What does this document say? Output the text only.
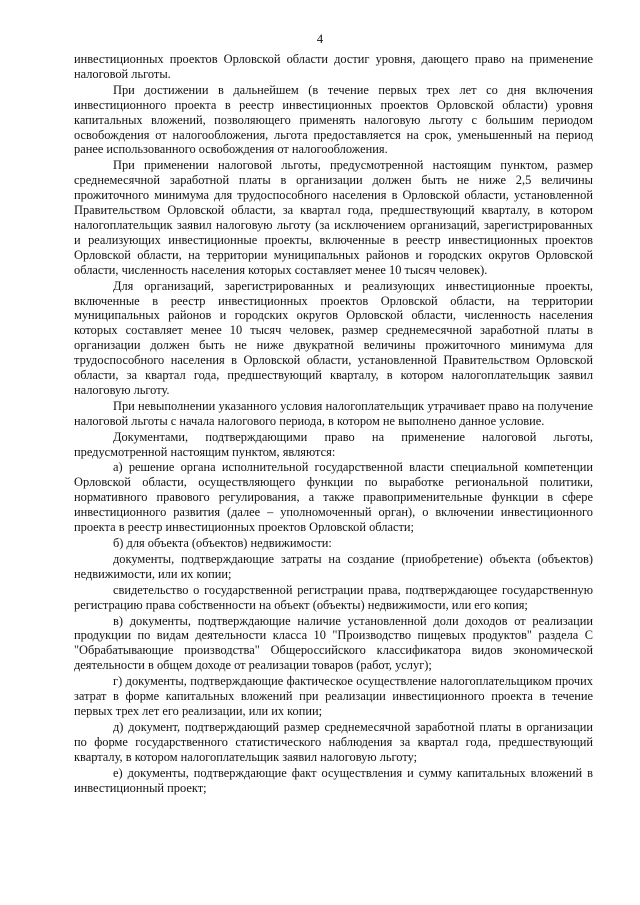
4

инвестиционных проектов Орловской области достиг уровня, дающего право на применение налоговой льготы.

При достижении в дальнейшем (в течение первых трех лет со дня включения инвестиционного проекта в реестр инвестиционных проектов Орловской области) уровня капитальных вложений, позволяющего применять налоговую льготу с большим периодом освобождения от налогообложения, льгота предоставляется на срок, уменьшенный на период ранее использованного освобождения от налогообложения.

При применении налоговой льготы, предусмотренной настоящим пунктом, размер среднемесячной заработной платы в организации должен быть не ниже 2,5 величины прожиточного минимума для трудоспособного населения в Орловской области, установленной Правительством Орловской области, за квартал года, предшествующий кварталу, в котором налогоплательщик заявил налоговую льготу (за исключением организаций, зарегистрированных и реализующих инвестиционные проекты, включенные в реестр инвестиционных проектов Орловской области, на территории муниципальных районов и городских округов Орловской области, численность населения которых составляет менее 10 тысяч человек).

Для организаций, зарегистрированных и реализующих инвестиционные проекты, включенные в реестр инвестиционных проектов Орловской области, на территории муниципальных районов и городских округов Орловской области, численность населения которых составляет менее 10 тысяч человек, размер среднемесячной заработной платы в организации должен быть не ниже двукратной величины прожиточного минимума для трудоспособного населения в Орловской области, установленной Правительством Орловской области, за квартал года, предшествующий кварталу, в котором налогоплательщик заявил налоговую льготу.

При невыполнении указанного условия налогоплательщик утрачивает право на получение налоговой льготы с начала налогового периода, в котором не выполнено данное условие.

Документами, подтверждающими право на применение налоговой льготы, предусмотренной настоящим пунктом, являются:

а) решение органа исполнительной государственной власти специальной компетенции Орловской области, осуществляющего функции по выработке региональной политики, нормативного правового регулирования, а также правоприменительные функции в сфере инвестиционного развития (далее – уполномоченный орган), о включении инвестиционного проекта в реестр инвестиционных проектов Орловской области;

б) для объекта (объектов) недвижимости:

документы, подтверждающие затраты на создание (приобретение) объекта (объектов) недвижимости, или их копии;

свидетельство о государственной регистрации права, подтверждающее государственную регистрацию права собственности на объект (объекты) недвижимости, или его копия;

в) документы, подтверждающие наличие установленной доли доходов от реализации продукции по видам деятельности класса 10 "Производство пищевых продуктов" раздела С "Обрабатывающие производства" Общероссийского классификатора видов экономической деятельности в общем доходе от реализации товаров (работ, услуг);

г) документы, подтверждающие фактическое осуществление налогоплательщиком прочих затрат в форме капитальных вложений при реализации инвестиционного проекта в течение первых трех лет его реализации, или их копии;

д) документ, подтверждающий размер среднемесячной заработной платы в организации по форме государственного статистического наблюдения за квартал года, предшествующий кварталу, в котором налогоплательщик заявил налоговую льготу;

е) документы, подтверждающие факт осуществления и сумму капитальных вложений в инвестиционный проект;
